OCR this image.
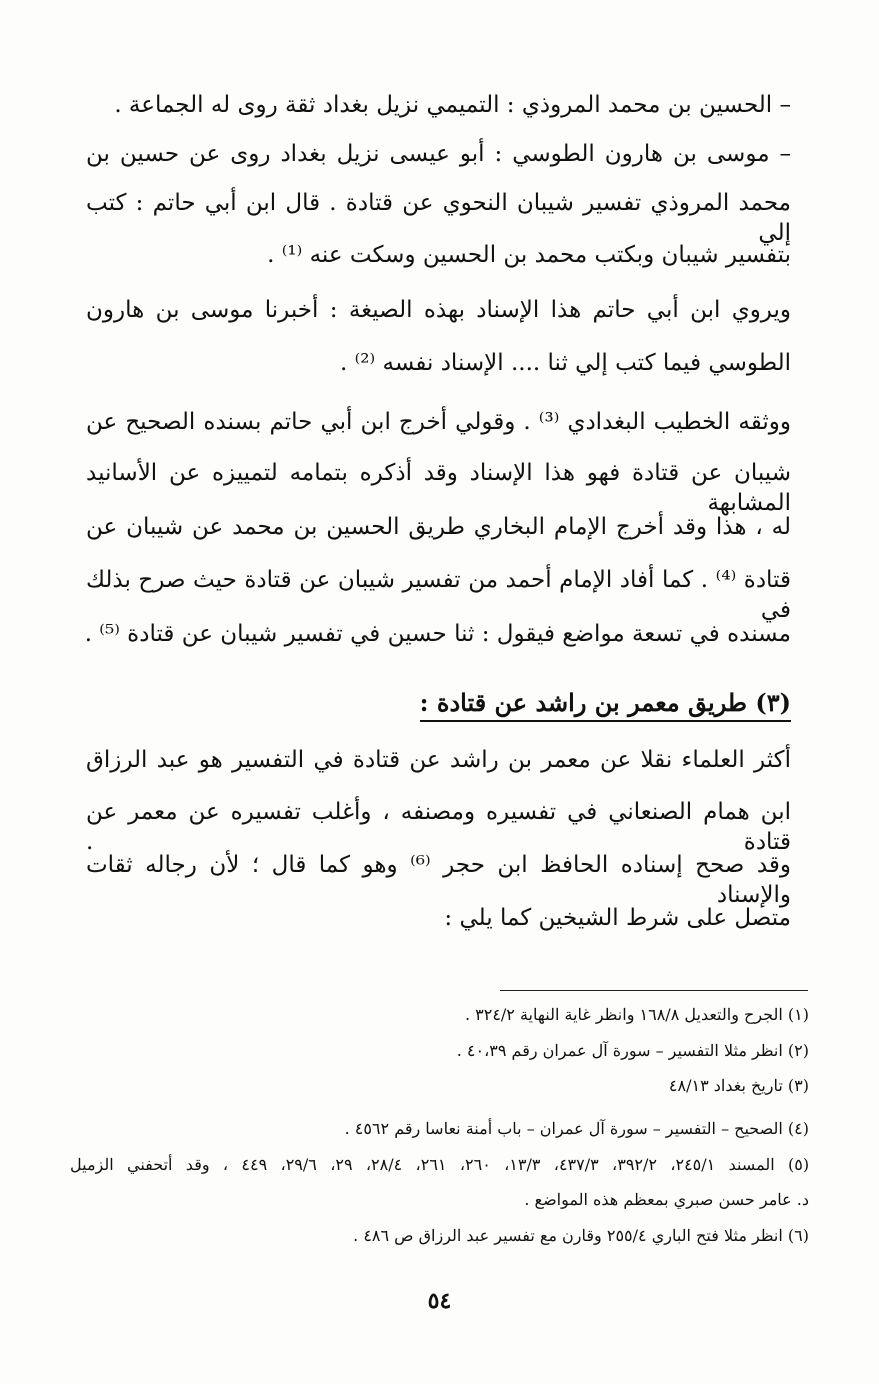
– الحسين بن محمد المروذي : التميمي نزيل بغداد ثقة روى له الجماعة .
– موسى بن هارون الطوسي : أبو عيسى نزيل بغداد روى عن حسين بن
محمد المروذي تفسير شيبان النحوي عن قتادة . قال ابن أبي حاتم : كتب إلي
بتفسير شيبان وبكتب محمد بن الحسين وسكت عنه ⁽¹⁾ .
ويروي ابن أبي حاتم هذا الإسناد بهذه الصيغة : أخبرنا موسى بن هارون
الطوسي فيما كتب إلي ثنا .... الإسناد نفسه ⁽²⁾ .
ووثقه الخطيب البغدادي ⁽³⁾ . وقولي أخرج ابن أبي حاتم بسنده الصحيح عن
شيبان عن قتادة فهو هذا الإسناد وقد أذكره بتمامه لتمييزه عن الأسانيد المشابهة
له ، هذا وقد أخرج الإمام البخاري طريق الحسين بن محمد عن شيبان عن
قتادة ⁽⁴⁾ . كما أفاد الإمام أحمد من تفسير شيبان عن قتادة حيث صرح بذلك في
مسنده في تسعة مواضع فيقول : ثنا حسين في تفسير شيبان عن قتادة ⁽⁵⁾ .
(٣) طريق معمر بن راشد عن قتادة :
أكثر العلماء نقلا عن معمر بن راشد عن قتادة في التفسير هو عبد الرزاق
ابن همام الصنعاني في تفسيره ومصنفه ، وأغلب تفسيره عن معمر عن قتادة .
وقد صحح إسناده الحافظ ابن حجر ⁽⁶⁾ وهو كما قال ؛ لأن رجاله ثقات والإسناد
متصل على شرط الشيخين كما يلي :
(١) الجرح والتعديل ١٦٨/٨ وانظر غاية النهاية ٣٢٤/٢ .
(٢) انظر مثلا التفسير – سورة آل عمران رقم ٤٠،٣٩ .
(٣) تاريخ بغداد ٤٨/١٣
(٤) الصحيح – التفسير – سورة آل عمران – باب أمنة نعاسا رقم ٤٥٦٢ .
(٥) المسند ٢٤٥/١، ٣٩٢/٢، ٤٣٧/٣، ١٣/٣، ٢٦٠، ٢٦١، ٢٨/٤، ٢٩، ٢٩/٦، ٤٤٩ ، وقد أتحفني الزميل
د. عامر حسن صبري بمعظم هذه المواضع .
(٦) انظر مثلا فتح الباري ٢٥٥/٤ وقارن مع تفسير عبد الرزاق ص ٤٨٦ .
٥٤
